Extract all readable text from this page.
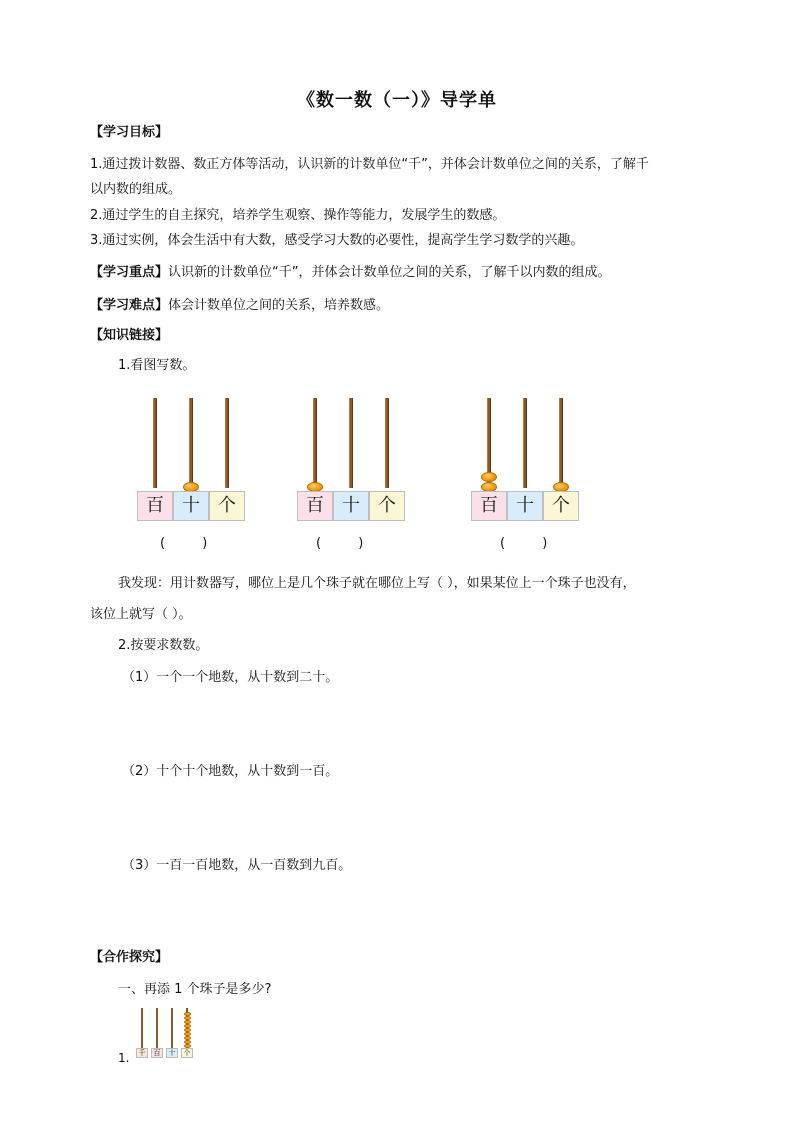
《数一数（一）》导学单
【学习目标】
1.通过拨计数器、数正方体等活动，认识新的计数单位“千”，并体会计数单位之间的关系，了解千
以内数的组成。
2.通过学生的自主探究，培养学生观察、操作等能力，发展学生的数感。
3.通过实例，体会生活中有大数，感受学习大数的必要性，提高学生学习数学的兴趣。
【学习重点】认识新的计数单位“千”，并体会计数单位之间的关系，了解千以内数的组成。
【学习难点】体会计数单位之间的关系，培养数感。
【知识链接】
1.看图写数。
百	十	个
(         )
百	十	个
(         )
百	十	个
(         )
我发现：用计数器写，哪位上是几个珠子就在哪位上写（ ），如果某位上一个珠子也没有，
该位上就写（ ）。
2.按要求数数。
（1）一个一个地数，从十数到二十。
（2）十个十个地数，从十数到一百。
（3）一百一百地数，从一百数到九百。
【合作探究】
一、再添 1 个珠子是多少?
1.	千	百	十	个
